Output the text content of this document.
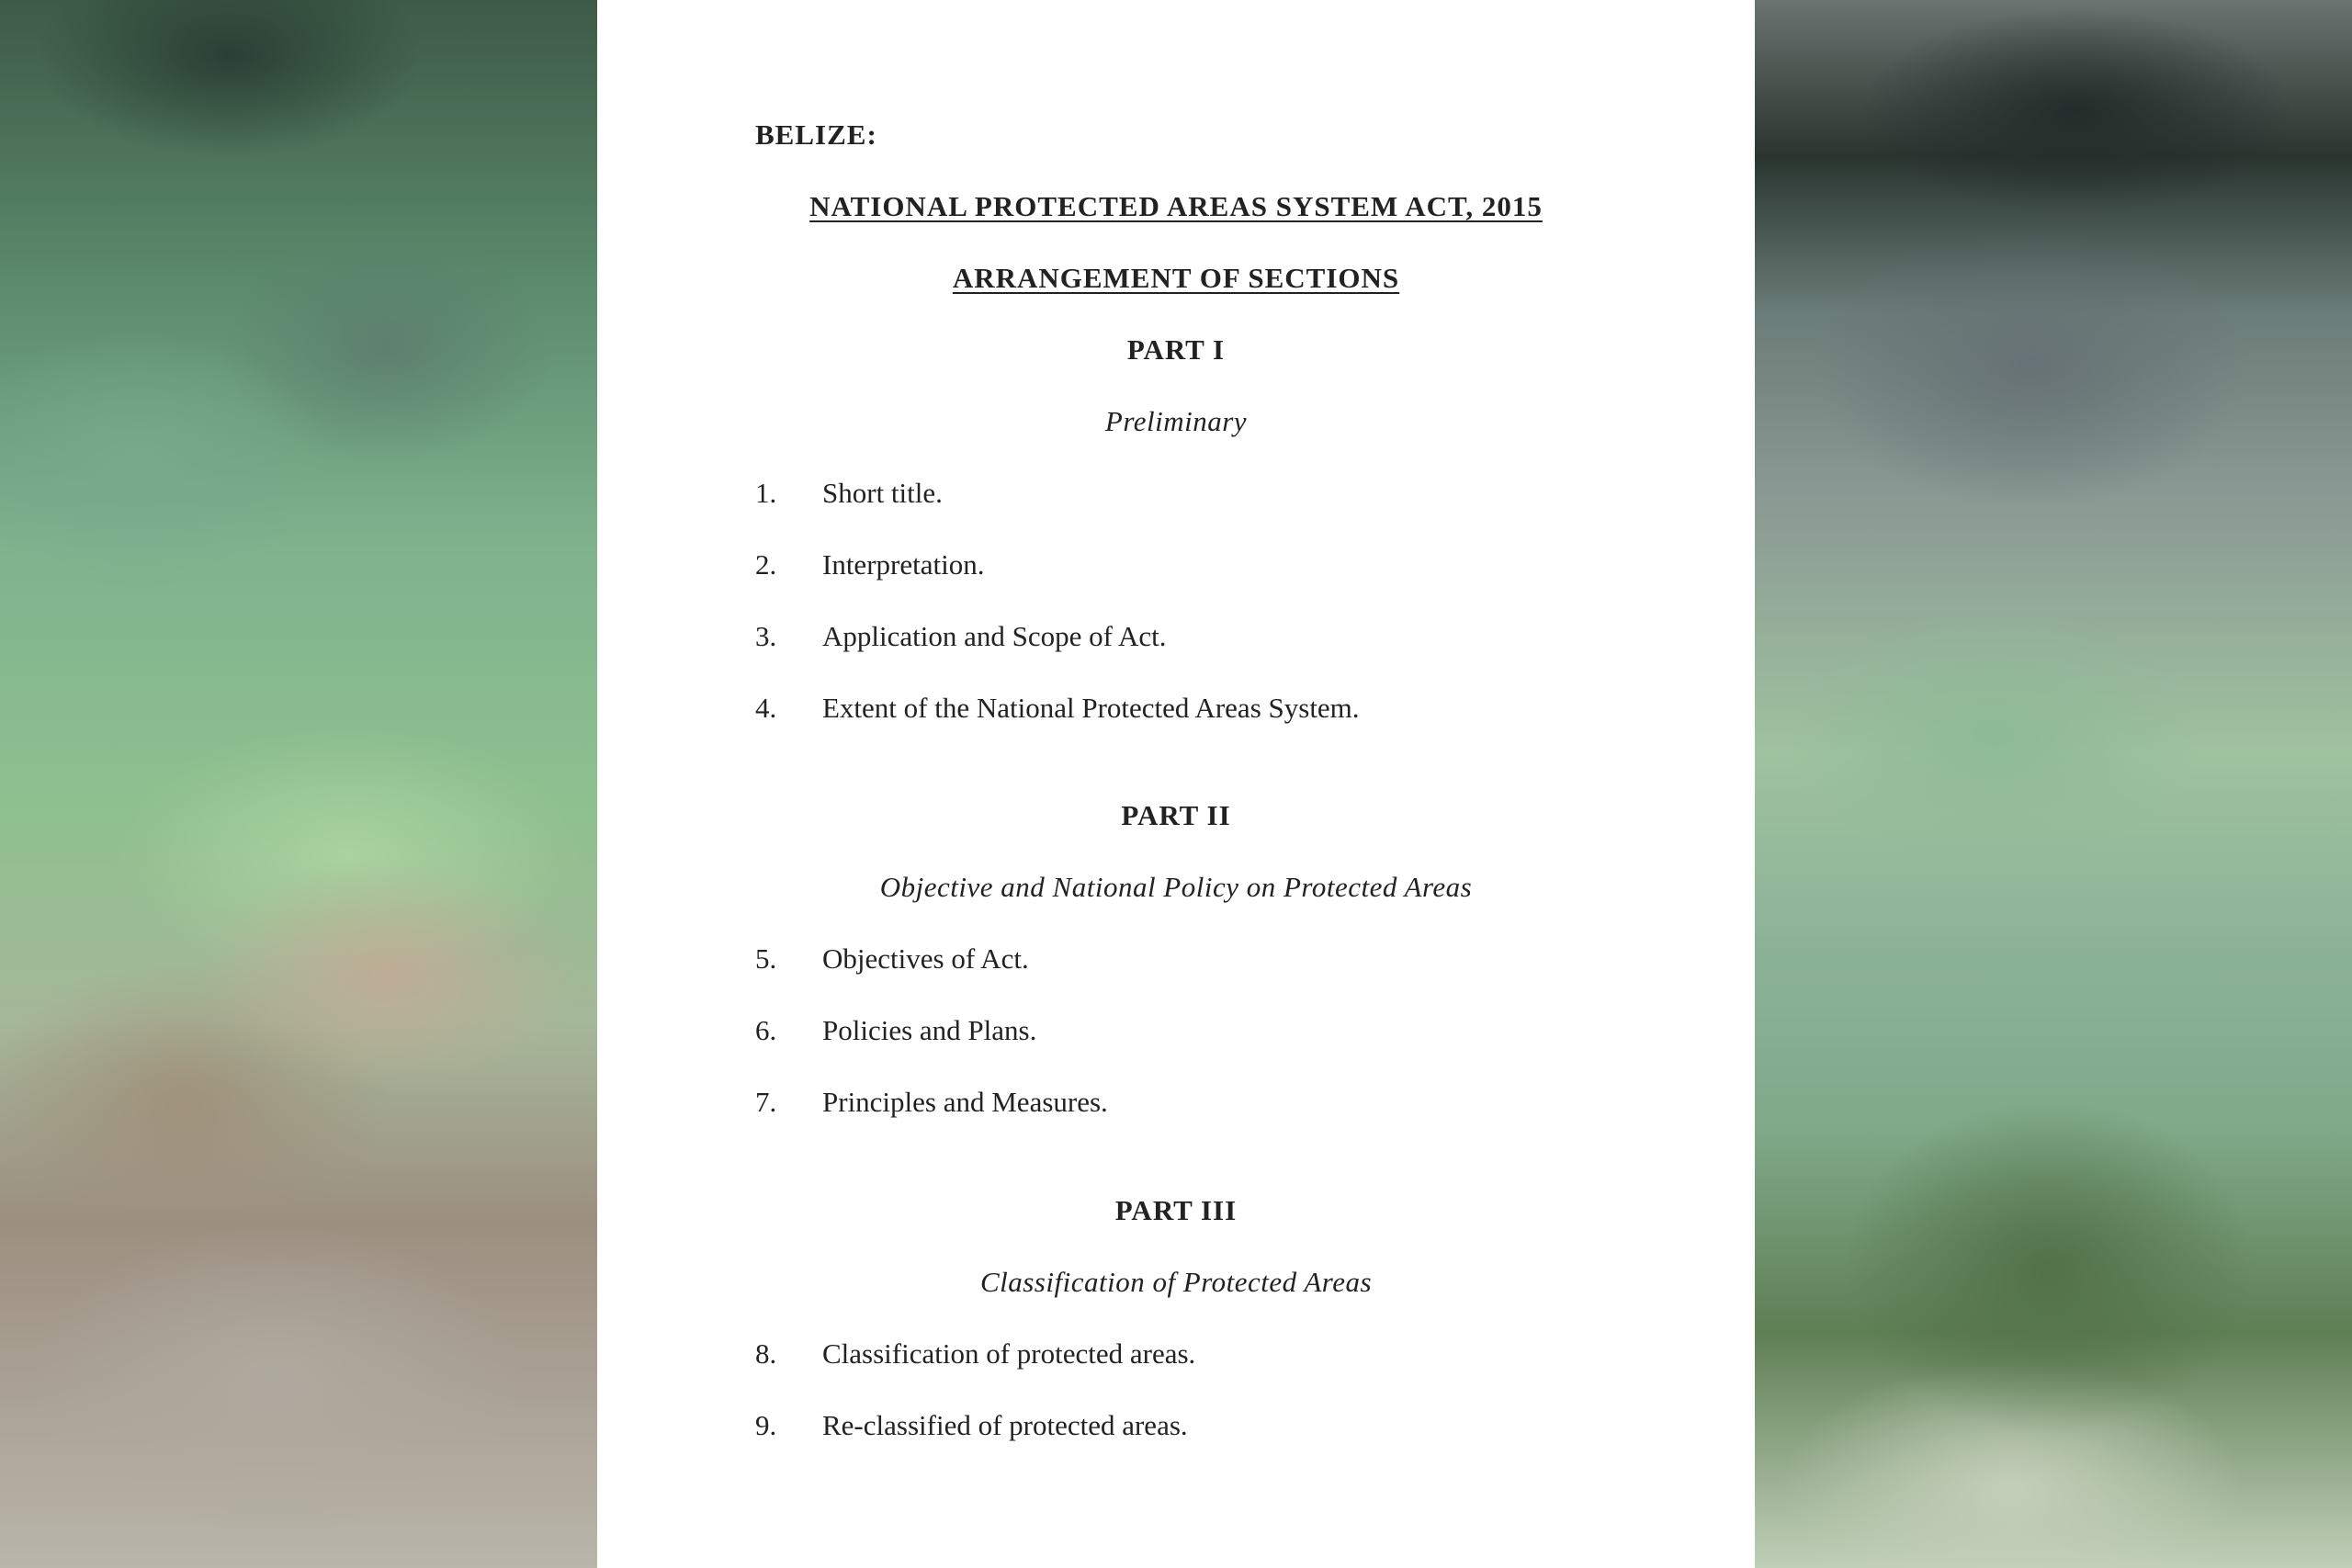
BELIZE:
NATIONAL PROTECTED AREAS SYSTEM ACT, 2015
ARRANGEMENT OF SECTIONS
PART I
Preliminary
1. Short title.
2. Interpretation.
3. Application and Scope of Act.
4. Extent of the National Protected Areas System.
PART II
Objective and National Policy on Protected Areas
5. Objectives of Act.
6. Policies and Plans.
7. Principles and Measures.
PART III
Classification of Protected Areas
8. Classification of protected areas.
9. Re-classified of protected areas.
